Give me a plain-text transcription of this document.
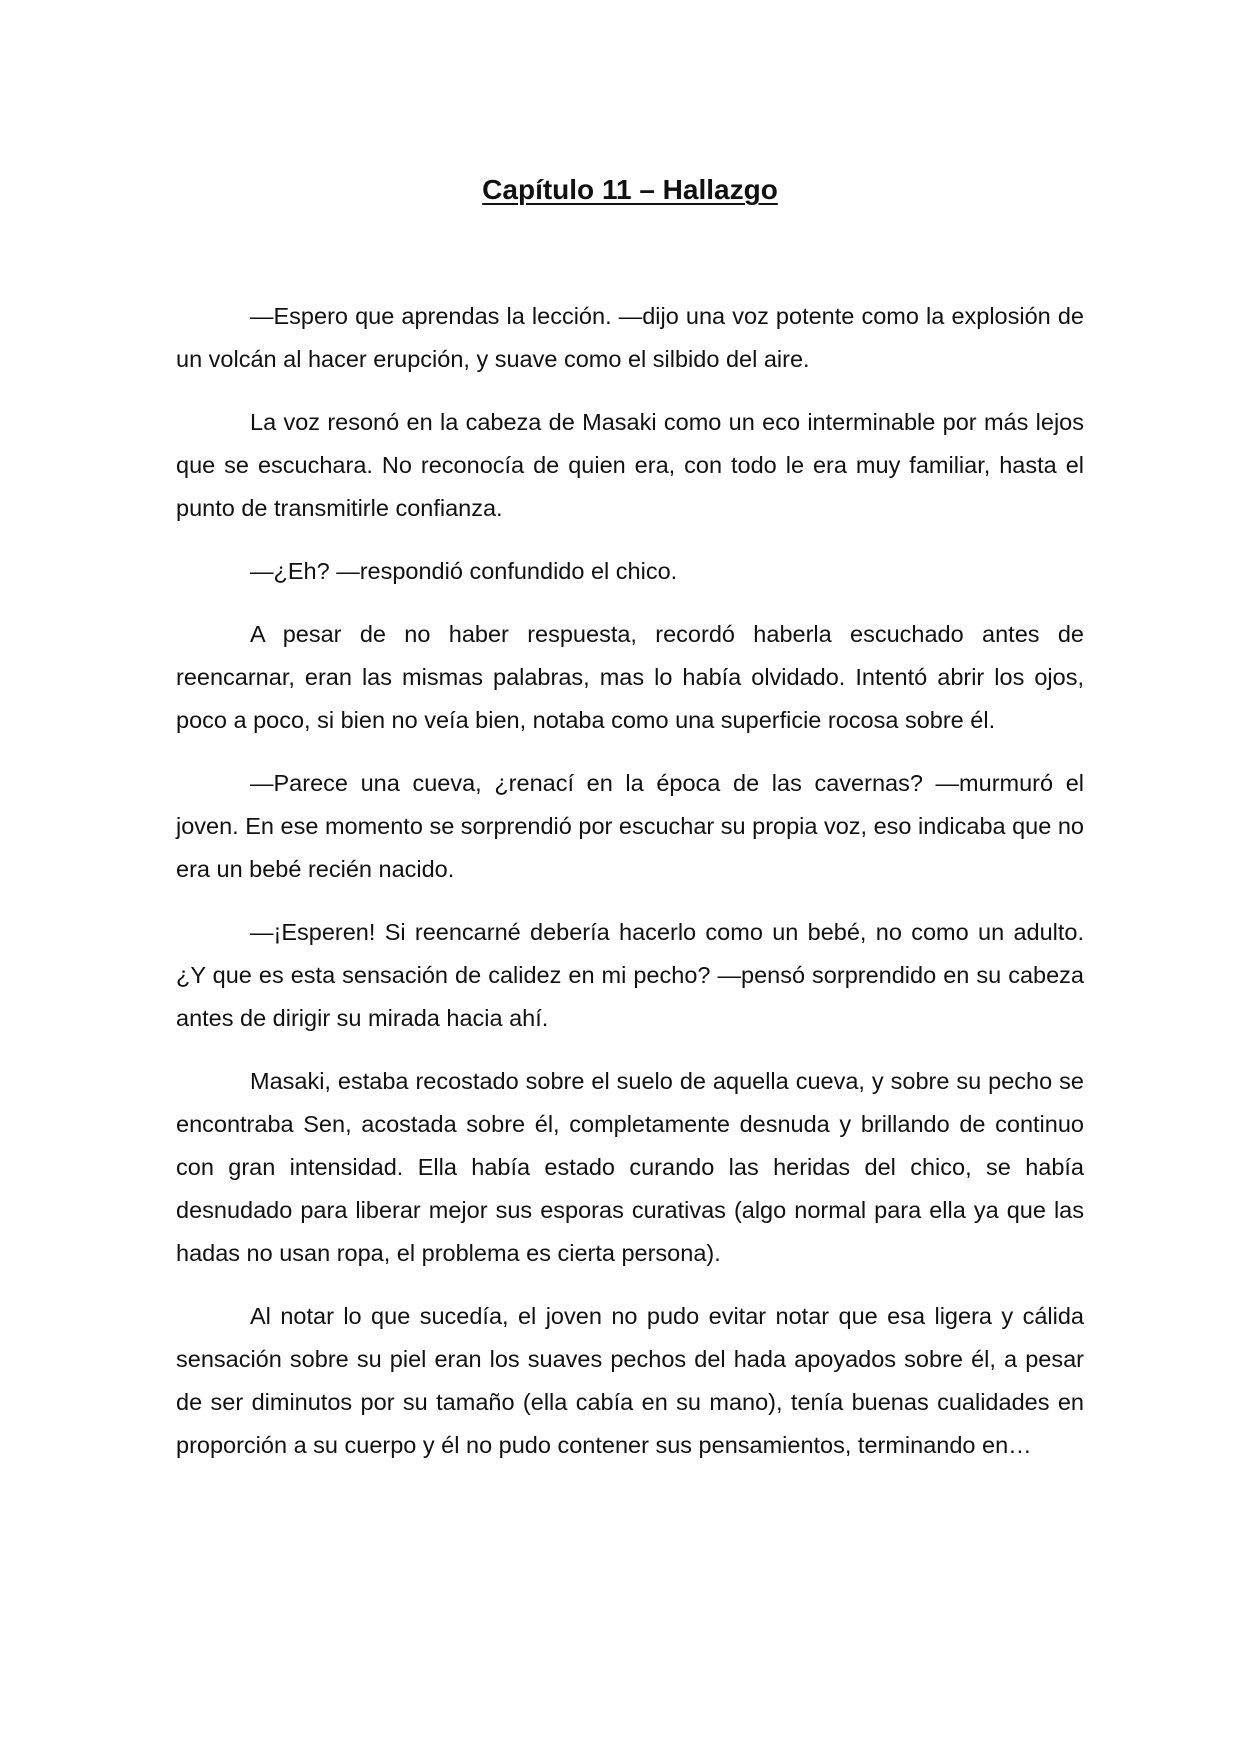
Capítulo 11 – Hallazgo

—Espero que aprendas la lección. —dijo una voz potente como la explosión de un volcán al hacer erupción, y suave como el silbido del aire.

La voz resonó en la cabeza de Masaki como un eco interminable por más lejos que se escuchara. No reconocía de quien era, con todo le era muy familiar, hasta el punto de transmitirle confianza.

—¿Eh? —respondió confundido el chico.

A pesar de no haber respuesta, recordó haberla escuchado antes de reencarnar, eran las mismas palabras, mas lo había olvidado. Intentó abrir los ojos, poco a poco, si bien no veía bien, notaba como una superficie rocosa sobre él.

—Parece una cueva, ¿renací en la época de las cavernas? —murmuró el joven. En ese momento se sorprendió por escuchar su propia voz, eso indicaba que no era un bebé recién nacido.

—¡Esperen! Si reencarné debería hacerlo como un bebé, no como un adulto. ¿Y que es esta sensación de calidez en mi pecho? —pensó sorprendido en su cabeza antes de dirigir su mirada hacia ahí.

Masaki, estaba recostado sobre el suelo de aquella cueva, y sobre su pecho se encontraba Sen, acostada sobre él, completamente desnuda y brillando de continuo con gran intensidad. Ella había estado curando las heridas del chico, se había desnudado para liberar mejor sus esporas curativas (algo normal para ella ya que las hadas no usan ropa, el problema es cierta persona).

Al notar lo que sucedía, el joven no pudo evitar notar que esa ligera y cálida sensación sobre su piel eran los suaves pechos del hada apoyados sobre él, a pesar de ser diminutos por su tamaño (ella cabía en su mano), tenía buenas cualidades en proporción a su cuerpo y él no pudo contener sus pensamientos, terminando en…
